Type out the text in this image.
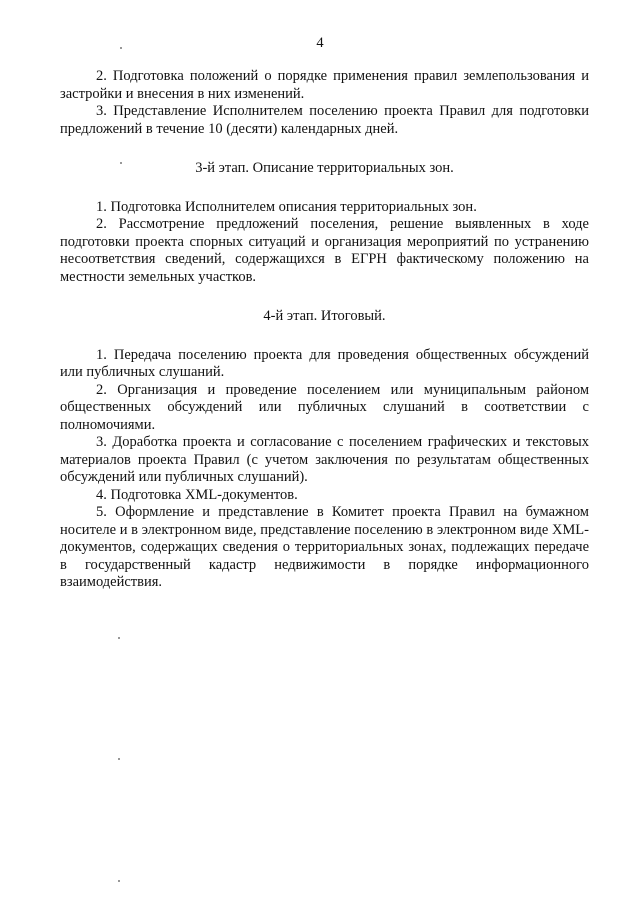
4

2. Подготовка положений о порядке применения правил землепользования и застройки и внесения в них изменений.

3. Представление Исполнителем поселению проекта Правил для подготовки предложений в течение 10 (десяти) календарных дней.

3-й этап. Описание территориальных зон.

1. Подготовка Исполнителем описания территориальных зон.

2. Рассмотрение предложений поселения, решение выявленных в ходе подготовки проекта спорных ситуаций и организация мероприятий по устранению несоответствия сведений, содержащихся в ЕГРН фактическому положению на местности земельных участков.

4-й этап. Итоговый.

1. Передача поселению проекта для проведения общественных обсуждений или публичных слушаний.

2. Организация и проведение поселением или муниципальным районом общественных обсуждений или публичных слушаний в соответствии с полномочиями.

3. Доработка проекта и согласование с поселением графических и текстовых материалов проекта Правил (с учетом заключения по результатам общественных обсуждений или публичных слушаний).

4. Подготовка XML-документов.

5. Оформление и представление в Комитет проекта Правил на бумажном носителе и в электронном виде, представление поселению в электронном виде XML-документов, содержащих сведения о территориальных зонах, подлежащих передаче в государственный кадастр недвижимости в порядке информационного взаимодействия.
